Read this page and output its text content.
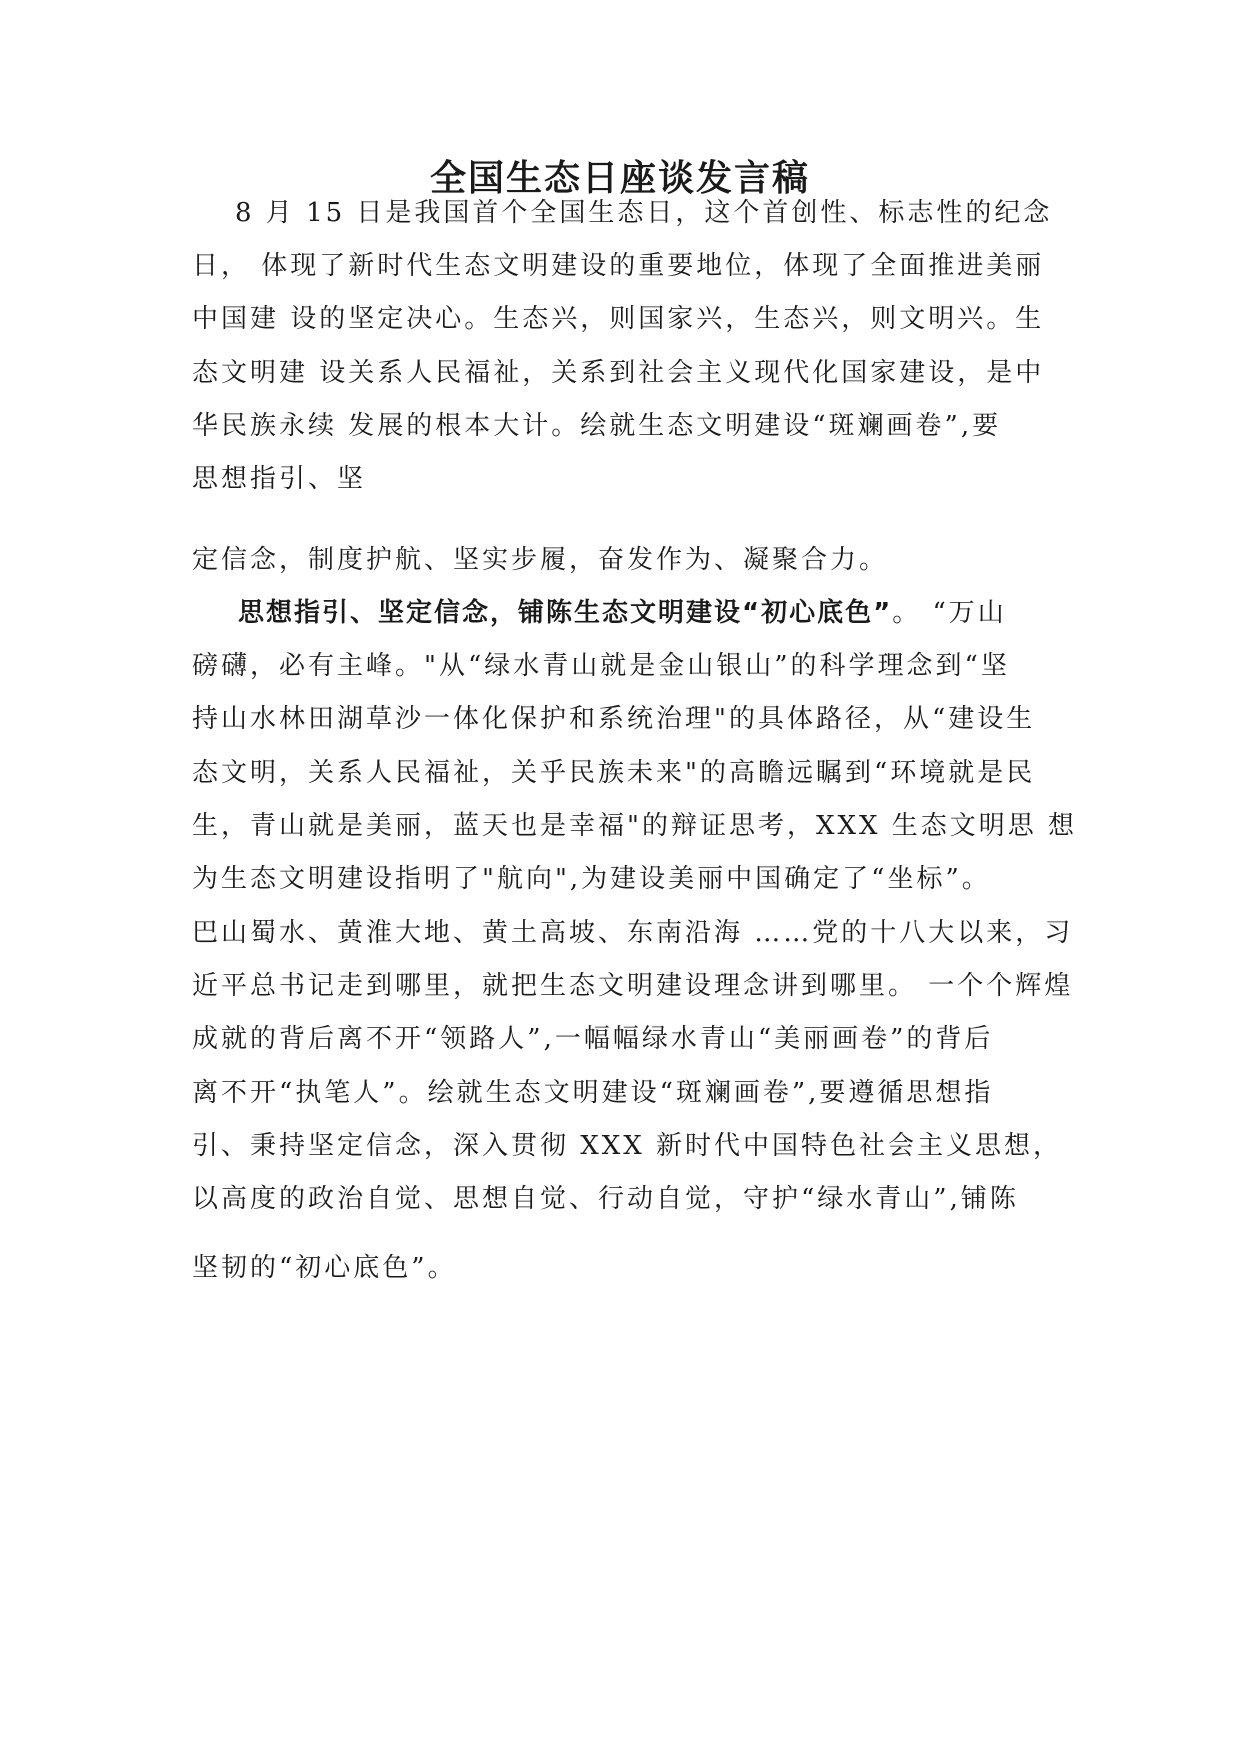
全国生态日座谈发言稿
　8 月 15 日是我国首个全国生态日，这个首创性、标志性的纪念
日， 体现了新时代生态文明建设的重要地位，体现了全面推进美丽
中国建 设的坚定决心。生态兴，则国家兴，生态兴，则文明兴。生
态文明建 设关系人民福祉，关系到社会主义现代化国家建设，是中
华民族永续 发展的根本大计。绘就生态文明建设“斑斓画卷”,要
思想指引、坚
定信念，制度护航、坚实步履，奋发作为、凝聚合力。
思想指引、坚定信念，铺陈生态文明建设“初心底色”。 “万山
磅礴，必有主峰。"从“绿水青山就是金山银山”的科学理念到“坚
持山水林田湖草沙一体化保护和系统治理"的具体路径，从“建设生
态文明，关系人民福祉，关乎民族未来"的高瞻远瞩到“环境就是民
生，青山就是美丽，蓝天也是幸福"的辩证思考，XXX 生态文明思 想
为生态文明建设指明了"航向",为建设美丽中国确定了“坐标”。
巴山蜀水、黄淮大地、黄土高坡、东南沿海 ……党的十八大以来，习
近平总书记走到哪里，就把生态文明建设理念讲到哪里。 一个个辉煌
成就的背后离不开“领路人”,一幅幅绿水青山“美丽画卷”的背后
离不开“执笔人”。绘就生态文明建设“斑斓画卷”,要遵循思想指
引、秉持坚定信念，深入贯彻 XXX 新时代中国特色社会主义思想，
以高度的政治自觉、思想自觉、行动自觉，守护“绿水青山”,铺陈
坚韧的“初心底色”。
